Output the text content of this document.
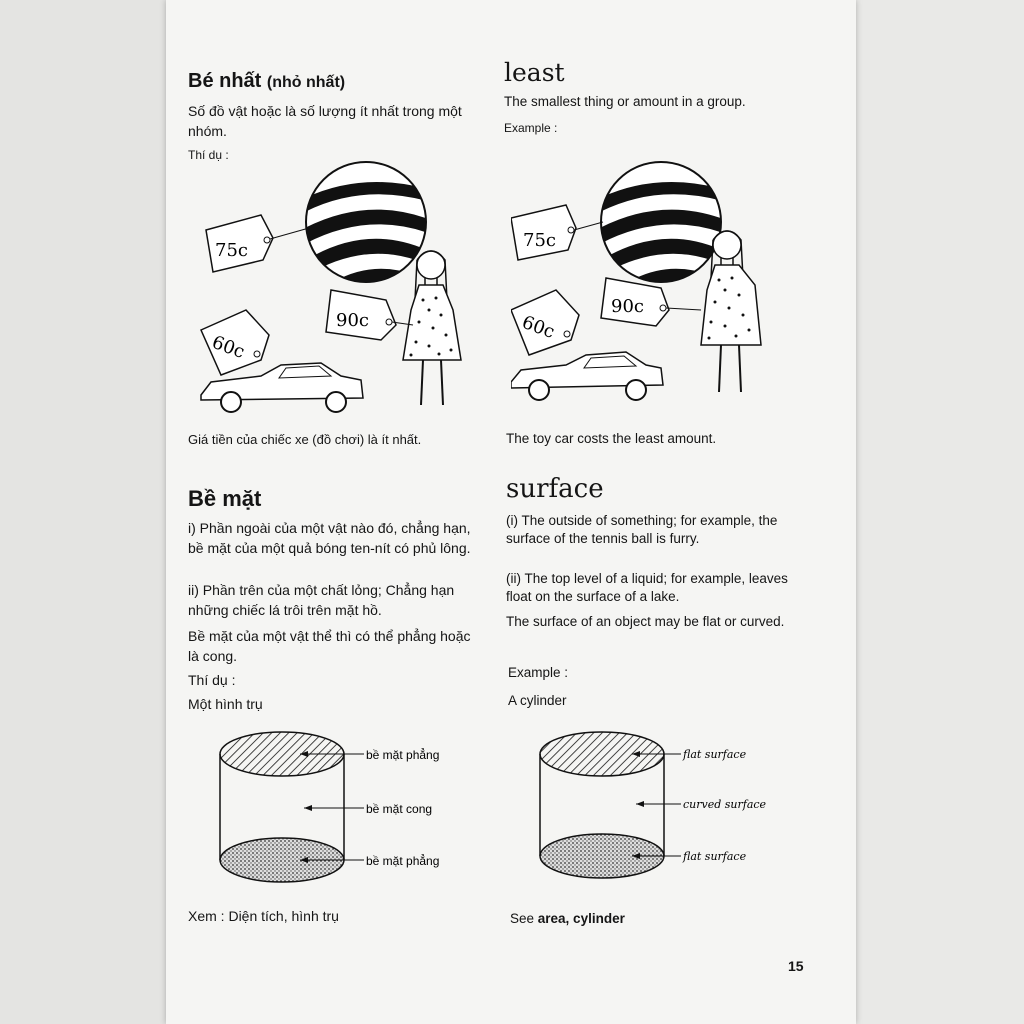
Bé nhất (nhỏ nhất)
Số đồ vật hoặc là số lượng ít nhất trong một nhóm.
Thí dụ :
75c
90c
60c
Giá tiền của chiếc xe (đồ chơi) là ít nhất.
Bề mặt
i) Phần ngoài của một vật nào đó, chẳng hạn, bề mặt của một quả bóng ten-nít có phủ lông.
ii) Phần trên của một chất lỏng; Chẳng hạn những chiếc lá trôi trên mặt hồ.
Bề mặt của một vật thể thì có thể phẳng hoặc là cong.
Thí dụ :
Một hình trụ
bề mặt phẳng
bề mặt cong
bề mặt phẳng
Xem : Diện tích, hình trụ
least
The smallest thing or amount in a group.
Example :
75c
90c
60c
The toy car costs the least amount.
surface
(i) The outside of something; for example, the surface of the tennis ball is furry.
(ii) The top level of a liquid; for example, leaves float on the surface of a lake.
The surface of an object may be flat or curved.
Example :
A cylinder
flat surface
curved surface
flat surface
See area, cylinder
15
